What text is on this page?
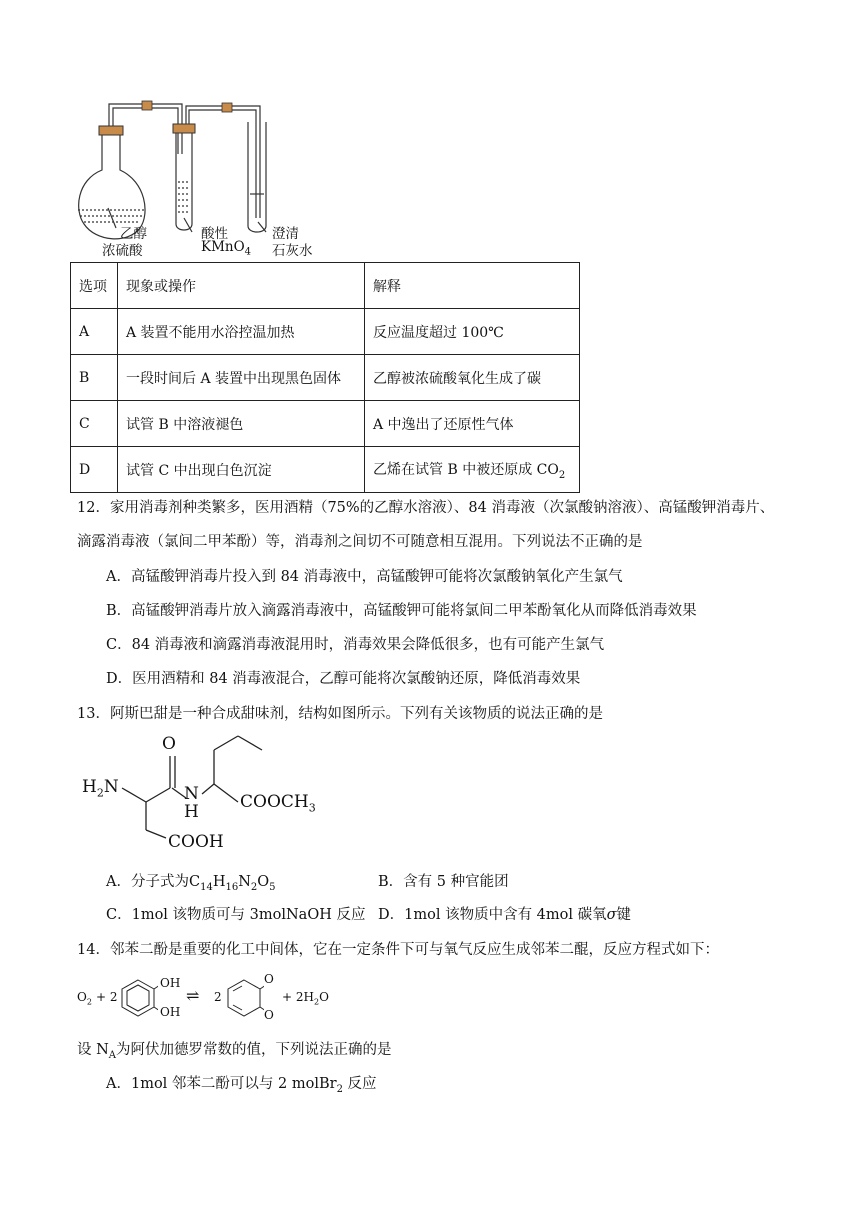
乙醇
浓硫酸
酸性
KMnO$_4$
澄清
石灰水
选项	现象或操作	解释
A	A 装置不能用水浴控温加热	反应温度超过 100℃
B	一段时间后 A 装置中出现黑色固体	乙醇被浓硫酸氧化生成了碳
C	试管 B 中溶液褪色	A 中逸出了还原性气体
D	试管 C 中出现白色沉淀	乙烯在试管 B 中被还原成 $CO_2$
12．家用消毒剂种类繁多，医用酒精（75%的乙醇水溶液）、84 消毒液（次氯酸钠溶液）、高锰酸钾消毒片、
滴露消毒液（氯间二甲苯酚）等，消毒剂之间切不可随意相互混用。下列说法不正确的是
A．高锰酸钾消毒片投入到 84 消毒液中，高锰酸钾可能将次氯酸钠氧化产生氯气
B．高锰酸钾消毒片放入滴露消毒液中，高锰酸钾可能将氯间二甲苯酚氧化从而降低消毒效果
C．84 消毒液和滴露消毒液混用时，消毒效果会降低很多，也有可能产生氯气
D．医用酒精和 84 消毒液混合，乙醇可能将次氯酸钠还原，降低消毒效果
13．阿斯巴甜是一种合成甜味剂，结构如图所示。下列有关该物质的说法正确的是
O
$H_2N$	N
H $COOCH_3$
COOH
A．分子式为$C_{14}H_{16}N_2O_5$	B．含有 5 种官能团
C．1mol 该物质可与 3molNaOH 反应 D．1mol 该物质中含有 4mol 碳氧σ键
14．邻苯二酚是重要的化工中间体，它在一定条件下可与氧气反应生成邻苯二醌，反应方程式如下：
$O_2 + 2$
OH
OH
⇌ 2
O
O
+ $2H_2O$
设 $N_A$为阿伏加德罗常数的值，下列说法正确的是
A．1mol 邻苯二酚可以与 2 molBr$_2$ 反应
